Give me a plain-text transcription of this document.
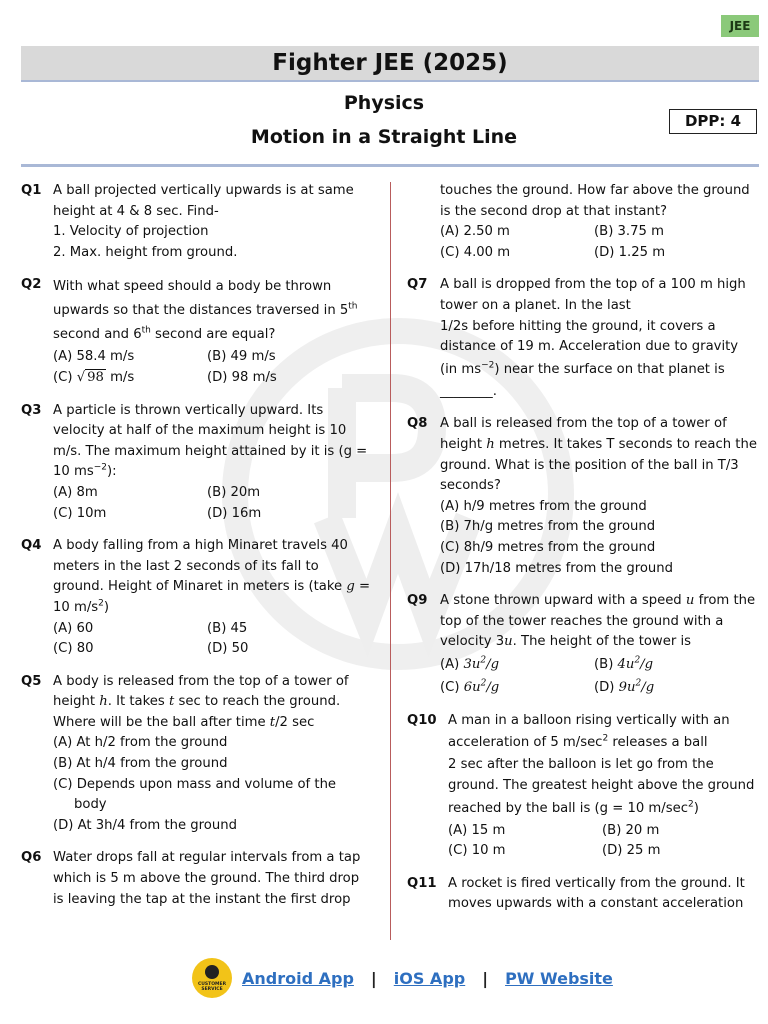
JEE
Fighter JEE (2025)
Physics
Motion in a Straight Line
DPP: 4
Q1 A ball projected vertically upwards is at same
height at 4 & 8 sec. Find-
1. Velocity of projection
2. Max. height from ground.
Q2 With what speed should a body be thrown upwards so that the distances traversed in 5th second and 6th second are equal?
(A) 58.4 m/s	(B) 49 m/s
(C) √ 98 m/s	(D) 98 m/s
Q3 A particle is thrown vertically upward. Its velocity at half of the maximum height is 10 m/s. The maximum height attained by it is (g = 10 $ms^{-2}$):
(A) 8m	(B) 20m
(C) 10m	(D) 16m
Q4 A body falling from a high Minaret travels 40 meters in the last 2 seconds of its fall to ground. Height of Minaret in meters is (take g = 10 $m/s^2$)
(A) 60	(B) 45
(C) 80	(D) 50
Q5 A body is released from the top of a tower of height h. It takes t sec to reach the ground. Where will be the ball after time t/2 sec
(A) At h/2 from the ground
(B) At h/4 from the ground
(C) Depends upon mass and volume of the
body
(D) At 3h/4 from the ground
Q6 Water drops fall at regular intervals from a tap
which is 5 m above the ground. The third drop
is leaving the tap at the instant the first drop
touches the ground. How far above the ground
is the second drop at that instant?
(A) 2.50 m	(B) 3.75 m
(C) 4.00 m	(D) 1.25 m
Q7 A ball is dropped from the top of a 100 m high
tower on a planet. In the last
1/2s before hitting the ground, it covers a
distance of 19 m. Acceleration due to gravity
(in $ms^{-2}$) near the surface on that planet is
________.
Q8 A ball is released from the top of a tower of height h metres. It takes T seconds to reach the ground. What is the position of the ball in T/3 seconds?
(A) h/9 metres from the ground
(B) 7h/g metres from the ground
(C) 8h/9 metres from the ground
(D) 17h/18 metres from the ground
Q9 A stone thrown upward with a speed u from the top of the tower reaches the ground with a velocity 3u. The height of the tower is
(A) $3u^2/g$	(B) $4u^2/g$
(C) $6u^2/g$	(D) $9u^2/g$
Q10 A man in a balloon rising vertically with an
acceleration of 5 $m/\sec^2$ releases a ball
2 sec after the balloon is let go from the
ground. The greatest height above the ground
reached by the ball is (g = 10 $m/\sec^2$)
(A) 15 m	(B) 20 m
(C) 10 m	(D) 25 m
Q11 A rocket is fired vertically from the ground. It
moves upwards with a constant acceleration
CUSTOMER SERVICE
Android App | iOS App | PW Website
